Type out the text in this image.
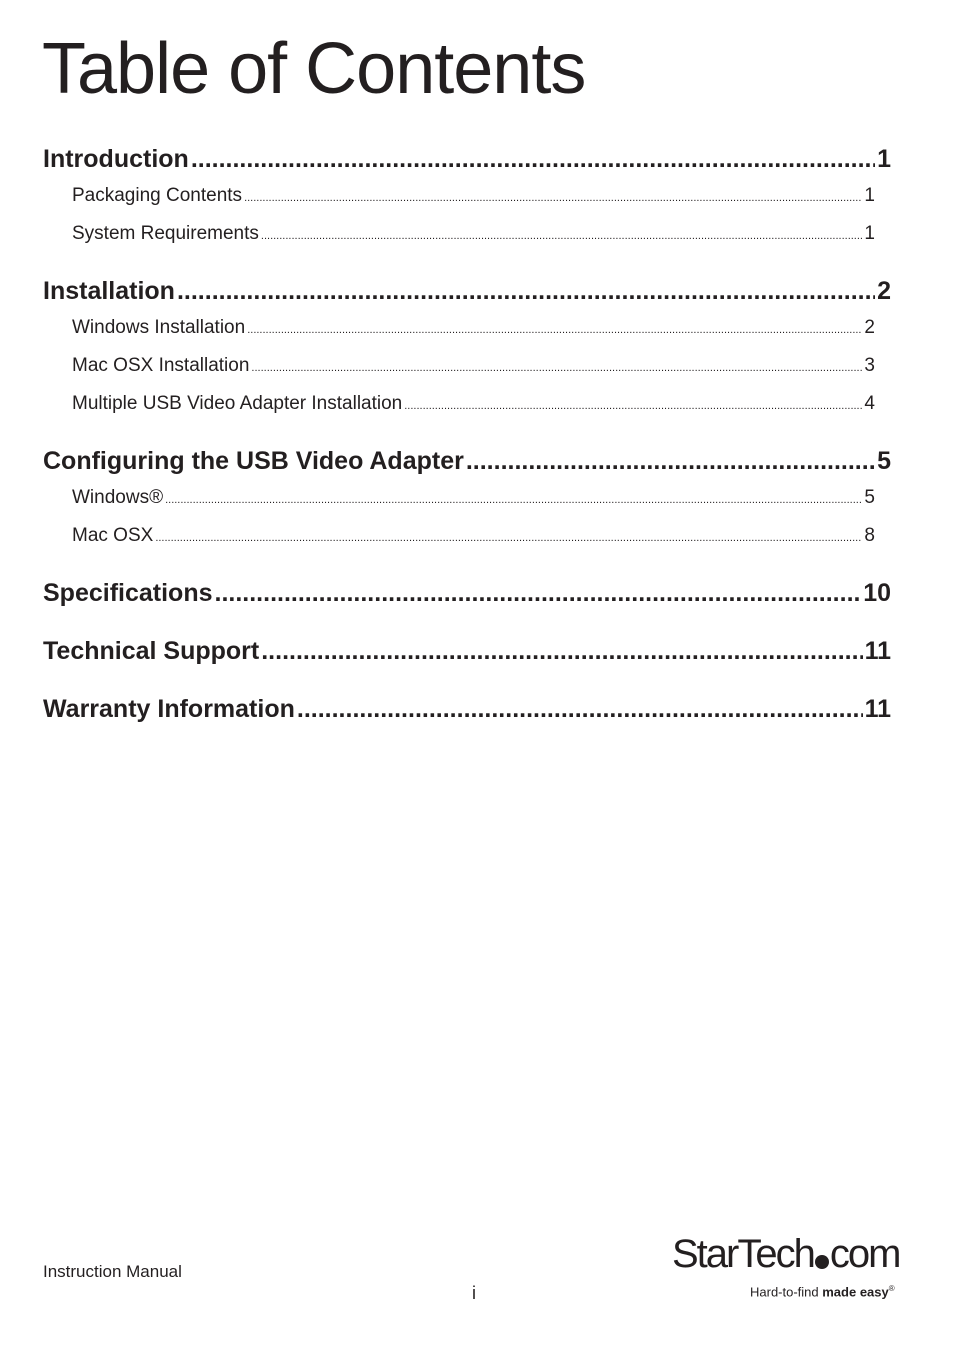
Table of Contents
Introduction .....	1
Packaging Contents .....	1
System Requirements .....	1
Installation .....	2
Windows Installation .....	2
Mac OSX Installation .....	3
Multiple USB Video Adapter Installation .....	4
Configuring the USB Video Adapter .....	5
Windows® .....	5
Mac OSX .....	8
Specifications .....	10
Technical Support .....	11
Warranty Information .....	11
Instruction Manual
i
StarTech com
Hard-to-find made easy®
